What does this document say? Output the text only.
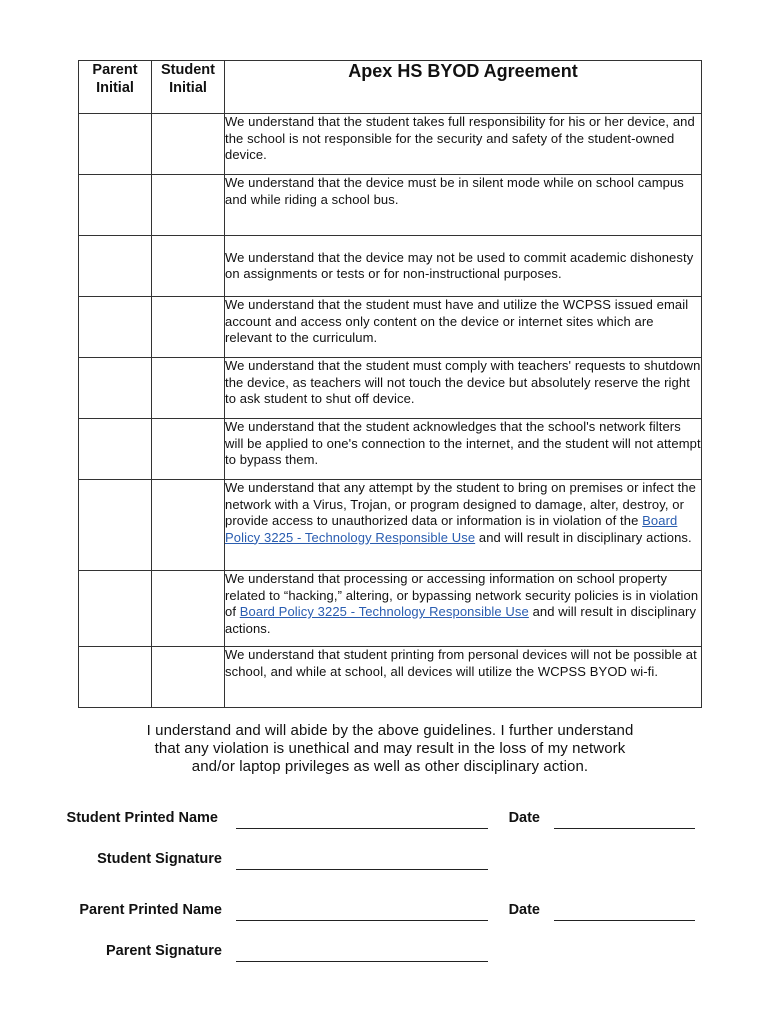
Parent
Initial	Student
Initial	Apex HS BYOD Agreement
		We understand that the student takes full responsibility for his or her device, and the school is not responsible for the security and safety of the student-owned device.
		We understand that the device must be in silent mode while on school campus and while riding a school bus.
		We understand that the device may not be used to commit academic dishonesty on assignments or tests or for non-instructional purposes.
		We understand that the student must have and utilize the WCPSS issued email account and access only content on the device or internet sites which are relevant to the curriculum.
		We understand that the student must comply with teachers' requests to shutdown the device, as teachers will not touch the device but absolutely reserve the right to ask student to shut off device.
		We understand that the student acknowledges that the school's network filters will be applied to one's connection to the internet, and the student will not attempt to bypass them.
		We understand that any attempt by the student to bring on premises or infect the network with a Virus, Trojan, or program designed to damage, alter, destroy, or provide access to unauthorized data or information is in violation of the Board Policy 3225 - Technology Responsible Use and will result in disciplinary actions.
		We understand that processing or accessing information on school property related to “hacking,” altering, or bypassing network security policies is in violation of Board Policy 3225 - Technology Responsible Use and will result in disciplinary actions.
		We understand that student printing from personal devices will not be possible at school, and while at school, all devices will utilize the WCPSS BYOD wi-fi.
I understand and will abide by the above guidelines. I further understand
that any violation is unethical and may result in the loss of my network
and/or laptop privileges as well as other disciplinary action.
Student Printed Name	Date
Student Signature
Parent Printed Name	Date
Parent Signature
